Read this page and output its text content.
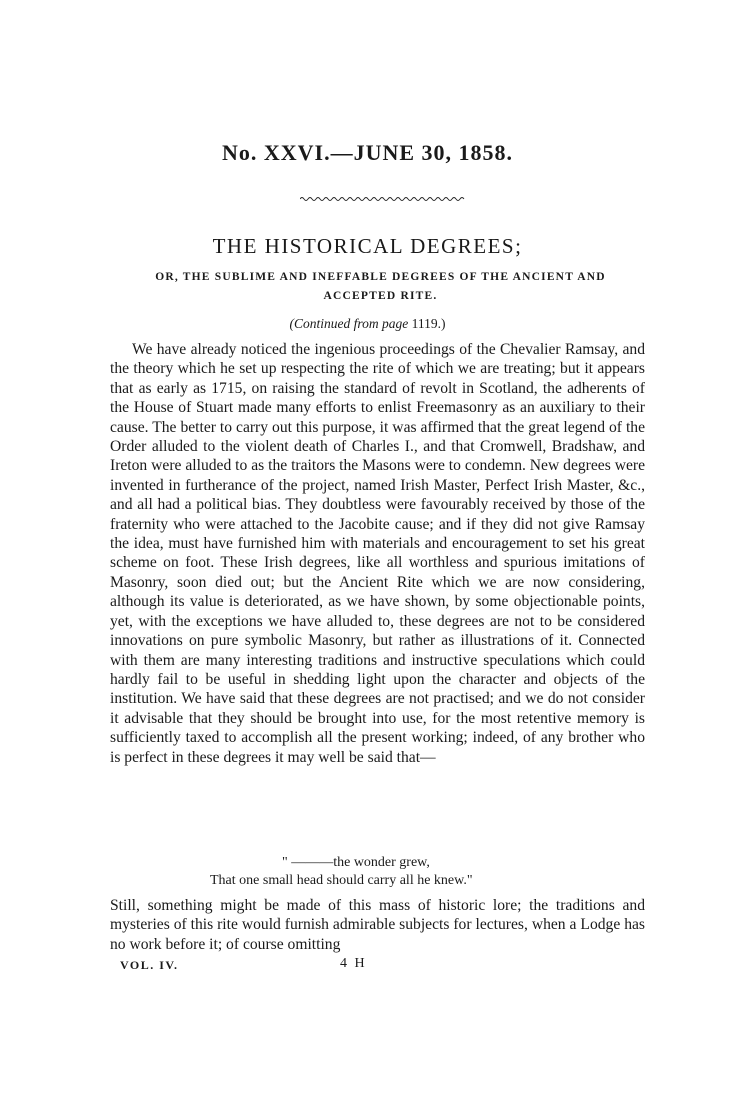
No. XXVI.—JUNE 30, 1858.
THE HISTORICAL DEGREES;
OR, THE SUBLIME AND INEFFABLE DEGREES OF THE ANCIENT AND ACCEPTED RITE.
(Continued from page 1119.)

We have already noticed the ingenious proceedings of the Chevalier Ramsay, and the theory which he set up respecting the rite of which we are treating; but it appears that as early as 1715, on raising the standard of revolt in Scotland, the adherents of the House of Stuart made many efforts to enlist Freemasonry as an auxiliary to their cause. The better to carry out this purpose, it was affirmed that the great legend of the Order alluded to the violent death of Charles I., and that Cromwell, Bradshaw, and Ireton were alluded to as the traitors the Masons were to condemn. New degrees were invented in furtherance of the project, named Irish Master, Perfect Irish Master, &c., and all had a political bias. They doubtless were favourably received by those of the fraternity who were attached to the Jacobite cause; and if they did not give Ramsay the idea, must have furnished him with materials and encouragement to set his great scheme on foot. These Irish degrees, like all worthless and spurious imitations of Masonry, soon died out; but the Ancient Rite which we are now considering, although its value is deteriorated, as we have shown, by some objectionable points, yet, with the exceptions we have alluded to, these degrees are not to be considered innovations on pure symbolic Masonry, but rather as illustrations of it. Connected with them are many interesting traditions and instructive speculations which could hardly fail to be useful in shedding light upon the character and objects of the institution. We have said that these degrees are not practised; and we do not consider it advisable that they should be brought into use, for the most retentive memory is sufficiently taxed to accomplish all the present working; indeed, of any brother who is perfect in these degrees it may well be said that—

" ———the wonder grew,
That one small head should carry all he knew."

Still, something might be made of this mass of historic lore; the traditions and mysteries of this rite would furnish admirable subjects for lectures, when a Lodge has no work before it; of course omitting

VOL. IV.	4 H
